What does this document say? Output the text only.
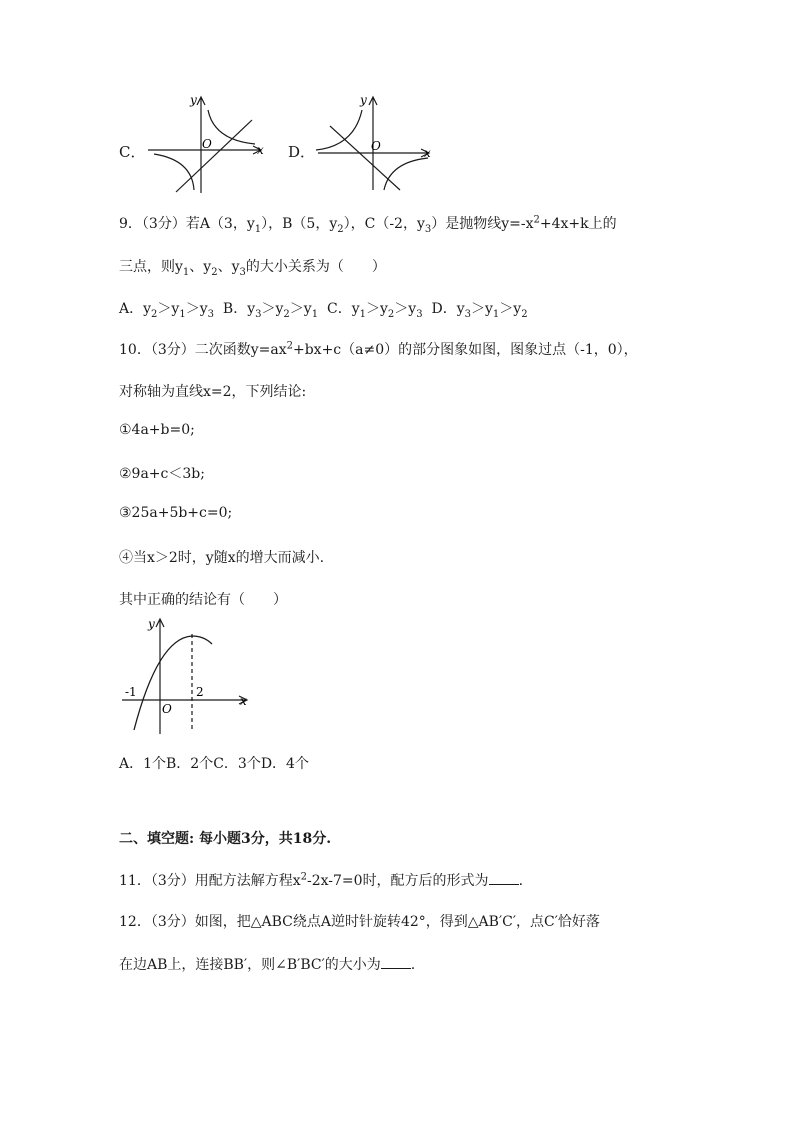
C．
y
x
O	D．
y
x
O
9．（3分）若A（3，$y_1$），B（5，$y_2$），C（-2，$y_3$）是抛物线$y=-x^2+4x+k$上的
三点，则$y_1$、$y_2$、$y_3$的大小关系为（　　）
A．$y_2>y_1>y_3$ B．$y_3>y_2>y_1$ C．$y_1>y_2>y_3$ D．$y_3>y_1>y_2$
10．（3分）二次函数$y=ax^2+bx+c(a\ne 0)$的部分图象如图，图象过点（-1，0），
对称轴为直线x=2，下列结论:
①4a+b=0;
②9a+c＜3b;
③25a+5b+c=0;
④当x＞2时，y随x的增大而减小.
其中正确的结论有（　　）
y
x
O
-1	2
A．1个B．2个C．3个D．4个
二、填空题: 每小题3分，共18分.
11．（3分）用配方法解方程$x^2-2x-7=0$时，配方后的形式为 .
12．（3分）如图，把△ABC绕点A逆时针旋转42°，得到△AB′C′，点C′恰好落
在边AB上，连接BB′，则∠B′BC′的大小为 .
